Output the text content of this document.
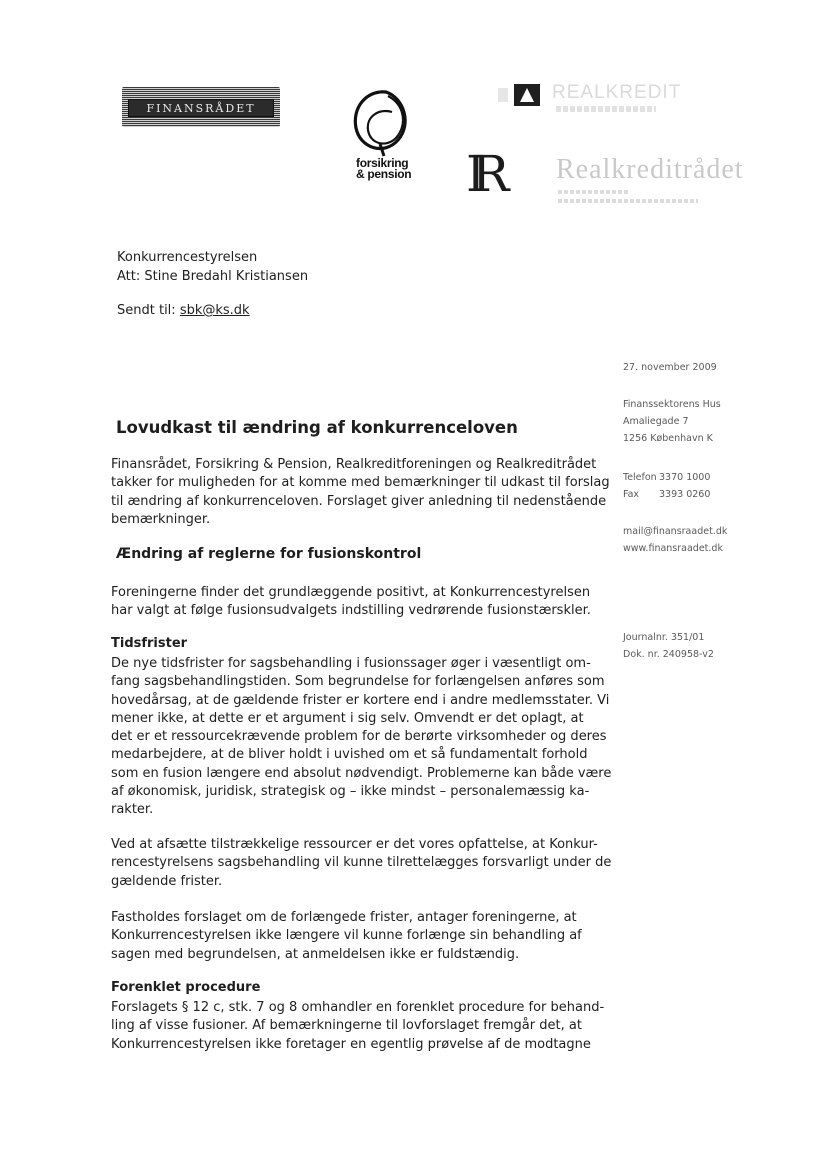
FINANSRÅDET
forsikring
& pension
REALKREDIT
IR Realkreditrådet
Konkurrencestyrelsen
Att: Stine Bredahl Kristiansen
Sendt til: sbk@ks.dk
27. november 2009
Finanssektorens Hus
Amaliegade 7
1256 København K
Telefon 3370 1000
Fax 3393 0260
mail@finansraadet.dk
www.finansraadet.dk
Journalnr. 351/01
Dok. nr. 240958-v2
Lovudkast til ændring af konkurrenceloven
Finansrådet, Forsikring & Pension, Realkreditforeningen og Realkreditrådet
takker for muligheden for at komme med bemærkninger til udkast til forslag
til ændring af konkurrenceloven. Forslaget giver anledning til nedenstående
bemærkninger.
Ændring af reglerne for fusionskontrol
Foreningerne finder det grundlæggende positivt, at Konkurrencestyrelsen
har valgt at følge fusionsudvalgets indstilling vedrørende fusionstærskler.
Tidsfrister
De nye tidsfrister for sagsbehandling i fusionssager øger i væsentligt om-
fang sagsbehandlingstiden. Som begrundelse for forlængelsen anføres som
hovedårsag, at de gældende frister er kortere end i andre medlemsstater. Vi
mener ikke, at dette er et argument i sig selv. Omvendt er det oplagt, at
det er et ressourcekrævende problem for de berørte virksomheder og deres
medarbejdere, at de bliver holdt i uvished om et så fundamentalt forhold
som en fusion længere end absolut nødvendigt. Problemerne kan både være
af økonomisk, juridisk, strategisk og – ikke mindst – personalemæssig ka-
rakter.
Ved at afsætte tilstrækkelige ressourcer er det vores opfattelse, at Konkur-
rencestyrelsens sagsbehandling vil kunne tilrettelægges forsvarligt under de
gældende frister.
Fastholdes forslaget om de forlængede frister, antager foreningerne, at
Konkurrencestyrelsen ikke længere vil kunne forlænge sin behandling af
sagen med begrundelsen, at anmeldelsen ikke er fuldstændig.
Forenklet procedure
Forslagets § 12 c, stk. 7 og 8 omhandler en forenklet procedure for behand-
ling af visse fusioner. Af bemærkningerne til lovforslaget fremgår det, at
Konkurrencestyrelsen ikke foretager en egentlig prøvelse af de modtagne
